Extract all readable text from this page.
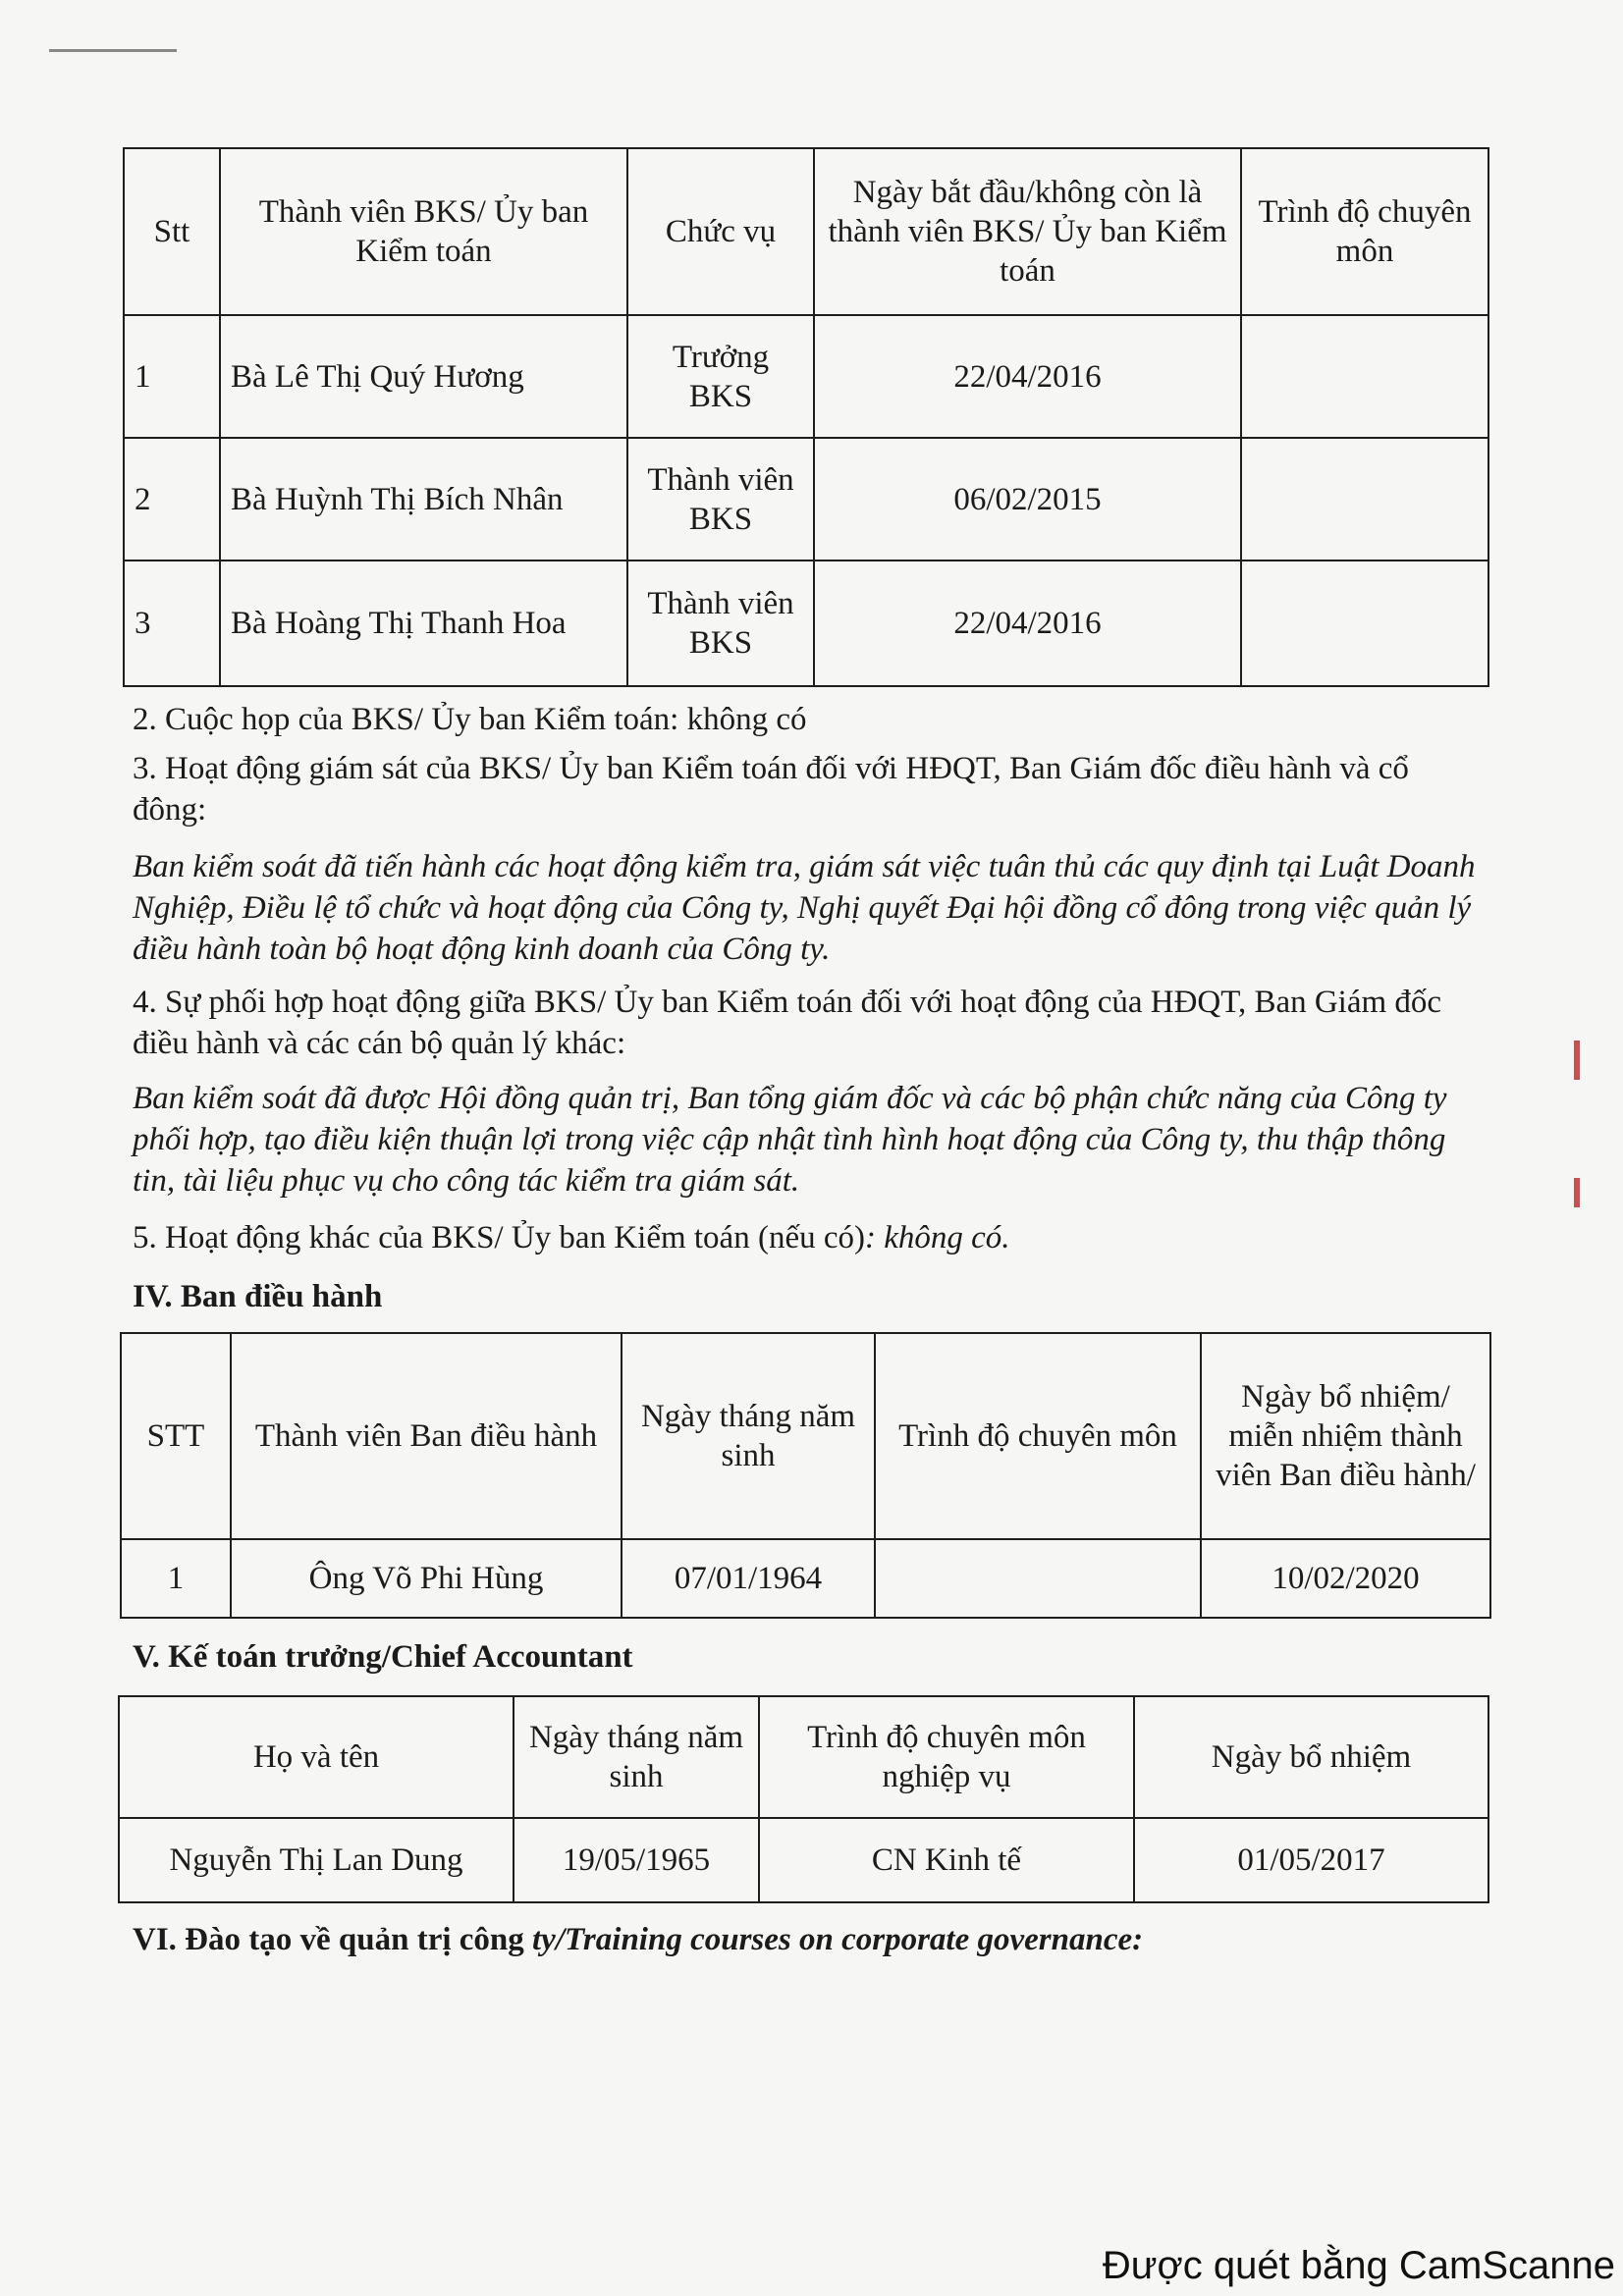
Stt	Thành viên BKS/ Ủy ban Kiểm toán	Chức vụ	Ngày bắt đầu/không còn là thành viên BKS/ Ủy ban Kiểm toán	Trình độ chuyên môn
1	Bà Lê Thị Quý Hương	Trưởng BKS	22/04/2016	
2	Bà Huỳnh Thị Bích Nhân	Thành viên BKS	06/02/2015	
3	Bà Hoàng Thị Thanh Hoa	Thành viên BKS	22/04/2016	
2. Cuộc họp của BKS/ Ủy ban Kiểm toán: không có
3. Hoạt động giám sát của BKS/ Ủy ban Kiểm toán đối với HĐQT, Ban Giám đốc điều hành và cổ đông:
Ban kiểm soát đã tiến hành các hoạt động kiểm tra, giám sát việc tuân thủ các quy định tại Luật Doanh Nghiệp, Điều lệ tổ chức và hoạt động của Công ty, Nghị quyết Đại hội đồng cổ đông trong việc quản lý điều hành toàn bộ hoạt động kinh doanh của Công ty.
4. Sự phối hợp hoạt động giữa BKS/ Ủy ban Kiểm toán đối với hoạt động của HĐQT, Ban Giám đốc điều hành và các cán bộ quản lý khác:
Ban kiểm soát đã được Hội đồng quản trị, Ban tổng giám đốc và các bộ phận chức năng của Công ty phối hợp, tạo điều kiện thuận lợi trong việc cập nhật tình hình hoạt động của Công ty, thu thập thông tin, tài liệu phục vụ cho công tác kiểm tra giám sát.
5. Hoạt động khác của BKS/ Ủy ban Kiểm toán (nếu có): không có.
IV. Ban điều hành
STT	Thành viên Ban điều hành	Ngày tháng năm sinh	Trình độ chuyên môn	Ngày bổ nhiệm/ miễn nhiệm thành viên Ban điều hành/
1	Ông Võ Phi Hùng	07/01/1964		10/02/2020
V. Kế toán trưởng/Chief Accountant
Họ và tên	Ngày tháng năm sinh	Trình độ chuyên môn nghiệp vụ	Ngày bổ nhiệm
Nguyễn Thị Lan Dung	19/05/1965	CN Kinh tế	01/05/2017
VI. Đào tạo về quản trị công ty/Training courses on corporate governance:
Được quét bằng CamScanne
